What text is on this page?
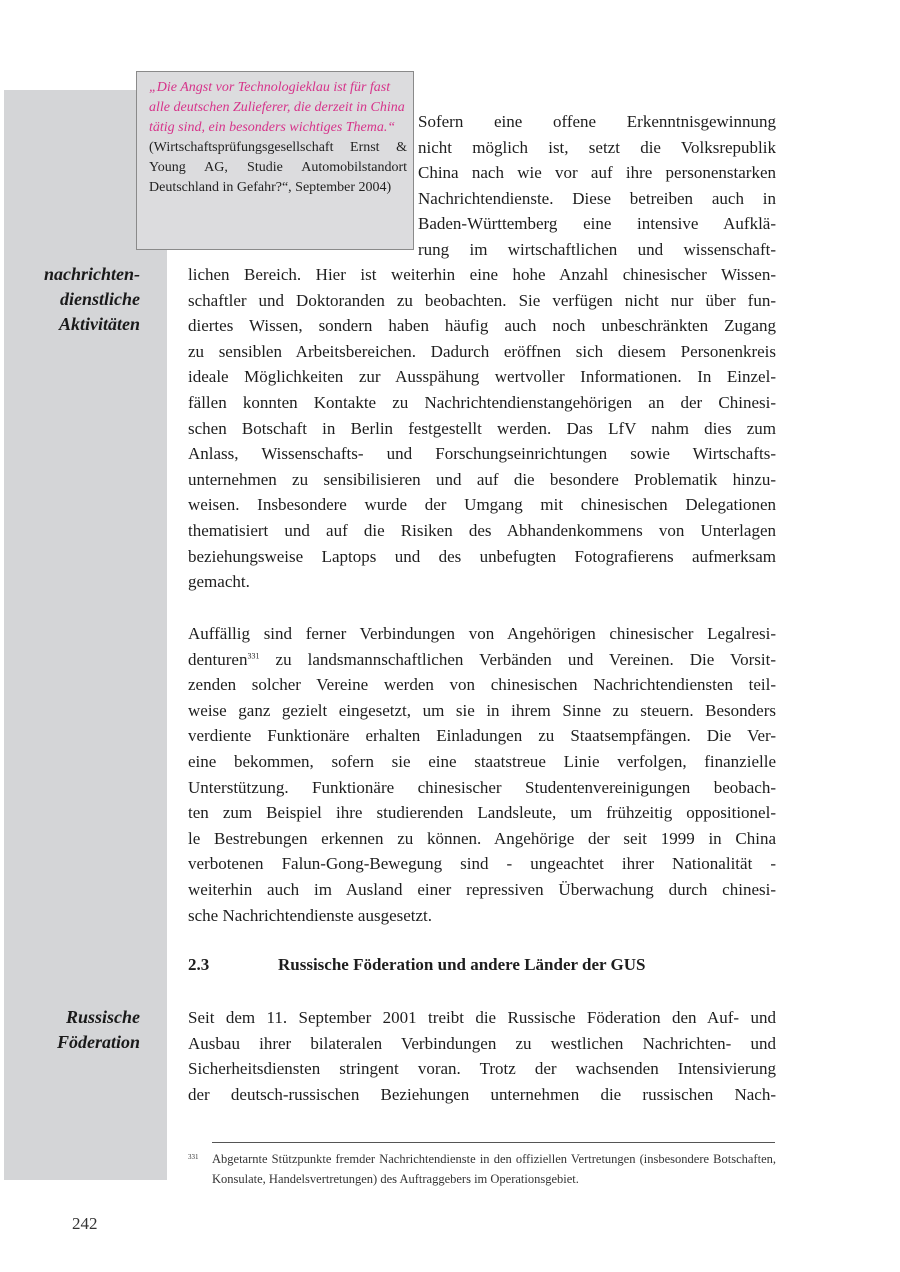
„Die Angst vor Technologieklau ist für fast alle deutschen Zulieferer, die derzeit in China tätig sind, ein besonders wichtiges Thema.“

(Wirtschaftsprüfungsgesellschaft Ernst & Young AG, Studie Automobilstandort Deutschland in Gefahr?“, September 2004)

nachrichten-
dienstliche
Aktivitäten
Russische
Föderation
Sofern eine offene Erkenntnisgewinnung
nicht möglich ist, setzt die Volksrepublik
China nach wie vor auf ihre personenstarken
Nachrichtendienste. Diese betreiben auch in
Baden-Württemberg eine intensive Aufklä-
rung im wirtschaftlichen und wissenschaft-
lichen Bereich. Hier ist weiterhin eine hohe Anzahl chinesischer Wissen-
schaftler und Doktoranden zu beobachten. Sie verfügen nicht nur über fun-
diertes Wissen, sondern haben häufig auch noch unbeschränkten Zugang
zu sensiblen Arbeitsbereichen. Dadurch eröffnen sich diesem Personenkreis
ideale Möglichkeiten zur Ausspähung wertvoller Informationen. In Einzel-
fällen konnten Kontakte zu Nachrichtendienstangehörigen an der Chinesi-
schen Botschaft in Berlin festgestellt werden. Das LfV nahm dies zum
Anlass, Wissenschafts- und Forschungseinrichtungen sowie Wirtschafts-
unternehmen zu sensibilisieren und auf die besondere Problematik hinzu-
weisen. Insbesondere wurde der Umgang mit chinesischen Delegationen
thematisiert und auf die Risiken des Abhandenkommens von Unterlagen
beziehungsweise Laptops und des unbefugten Fotografierens aufmerksam
gemacht.
Auffällig sind ferner Verbindungen von Angehörigen chinesischer Legalresi-
denturen$^{331}$ zu landsmannschaftlichen Verbänden und Vereinen. Die Vorsit-
zenden solcher Vereine werden von chinesischen Nachrichtendiensten teil-
weise ganz gezielt eingesetzt, um sie in ihrem Sinne zu steuern. Besonders
verdiente Funktionäre erhalten Einladungen zu Staatsempfängen. Die Ver-
eine bekommen, sofern sie eine staatstreue Linie verfolgen, finanzielle
Unterstützung. Funktionäre chinesischer Studentenvereinigungen beobach-
ten zum Beispiel ihre studierenden Landsleute, um frühzeitig oppositionel-
le Bestrebungen erkennen zu können. Angehörige der seit 1999 in China
verbotenen Falun-Gong-Bewegung sind - ungeachtet ihrer Nationalität -
weiterhin auch im Ausland einer repressiven Überwachung durch chinesi-
sche Nachrichtendienste ausgesetzt.
2.3	Russische Föderation und andere Länder der GUS
Seit dem 11. September 2001 treibt die Russische Föderation den Auf- und
Ausbau ihrer bilateralen Verbindungen zu westlichen Nachrichten- und
Sicherheitsdiensten stringent voran. Trotz der wachsenden Intensivierung
der deutsch-russischen Beziehungen unternehmen die russischen Nach-
331 Abgetarnte Stützpunkte fremder Nachrichtendienste in den offiziellen Vertretungen (insbesondere Botschaften, Konsulate, Handelsvertretungen) des Auftraggebers im Operationsgebiet.
242
